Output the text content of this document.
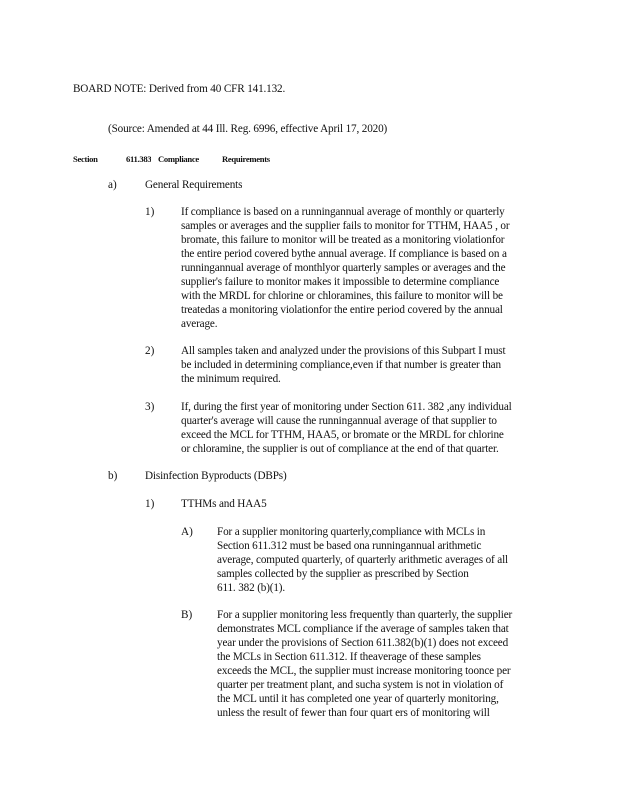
BOARD NOTE: Derived from 40 CFR 141.132.

(Source: Amended at 44 Ill. Reg. 6996, effective April 17, 2020)

Section	611.383 Compliance	Requirements

a)	General Requirements

1) If compliance is based on a runningannual average of monthly or quarterly

samples or averages and the supplier fails to monitor for TTHM, HAA5 , or

bromate, this failure to monitor will be treated as a monitoring violationfor

the entire period covered bythe annual average. If compliance is based on a

runningannual average of monthlyor quarterly samples or averages and the

supplier's failure to monitor makes it impossible to determine compliance

with the MRDL for chlorine or chloramines, this failure to monitor will be

treatedas a monitoring violationfor the entire period covered by the annual

average.

2) All samples taken and analyzed under the provisions of this Subpart I must

be included in determining compliance,even if that number is greater than

the minimum required.

3) If, during the first year of monitoring under Section 611. 382 ,any individual

quarter's average will cause the runningannual average of that supplier to

exceed the MCL for TTHM, HAA5, or bromate or the MRDL for chlorine

or chloramine, the supplier is out of compliance at the end of that quarter.

b) Disinfection Byproducts (DBPs)

1) TTHMs and HAA5

A) For a supplier monitoring quarterly,compliance with MCLs in

Section 611.312 must be based ona runningannual arithmetic

average, computed quarterly, of quarterly arithmetic averages of all

samples collected by the supplier as prescribed by Section

611. 382 (b)(1).

B) For a supplier monitoring less frequently than quarterly, the supplier

demonstrates MCL compliance if the average of samples taken that

year under the provisions of Section 611.382(b)(1) does not exceed

the MCLs in Section 611.312. If theaverage of these samples

exceeds the MCL, the supplier must increase monitoring toonce per

quarter per treatment plant, and sucha system is not in violation of

the MCL until it has completed one year of quarterly monitoring,

unless the result of fewer than four quart ers of monitoring will
